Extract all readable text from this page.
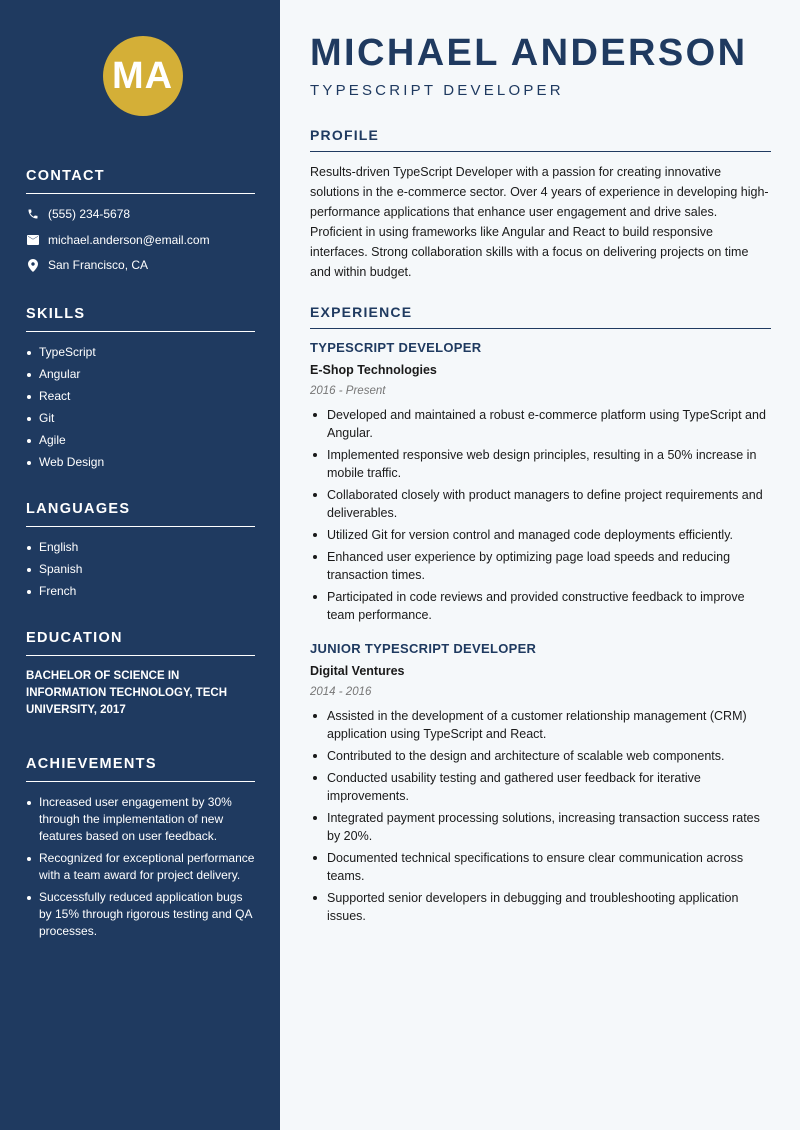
MA
CONTACT
(555) 234-5678
michael.anderson@email.com
San Francisco, CA
SKILLS
TypeScript
Angular
React
Git
Agile
Web Design
LANGUAGES
English
Spanish
French
EDUCATION
BACHELOR OF SCIENCE IN INFORMATION TECHNOLOGY, TECH UNIVERSITY, 2017
ACHIEVEMENTS
Increased user engagement by 30% through the implementation of new features based on user feedback.
Recognized for exceptional performance with a team award for project delivery.
Successfully reduced application bugs by 15% through rigorous testing and QA processes.
MICHAEL ANDERSON
TYPESCRIPT DEVELOPER
PROFILE

Results-driven TypeScript Developer with a passion for creating innovative solutions in the e-commerce sector. Over 4 years of experience in developing high-performance applications that enhance user engagement and drive sales. Proficient in using frameworks like Angular and React to build responsive interfaces. Strong collaboration skills with a focus on delivering projects on time and within budget.

EXPERIENCE
TYPESCRIPT DEVELOPER
E-Shop Technologies
2016 - Present
Developed and maintained a robust e-commerce platform using TypeScript and Angular.
Implemented responsive web design principles, resulting in a 50% increase in mobile traffic.
Collaborated closely with product managers to define project requirements and deliverables.
Utilized Git for version control and managed code deployments efficiently.
Enhanced user experience by optimizing page load speeds and reducing transaction times.
Participated in code reviews and provided constructive feedback to improve team performance.
JUNIOR TYPESCRIPT DEVELOPER
Digital Ventures
2014 - 2016
Assisted in the development of a customer relationship management (CRM) application using TypeScript and React.
Contributed to the design and architecture of scalable web components.
Conducted usability testing and gathered user feedback for iterative improvements.
Integrated payment processing solutions, increasing transaction success rates by 20%.
Documented technical specifications to ensure clear communication across teams.
Supported senior developers in debugging and troubleshooting application issues.
